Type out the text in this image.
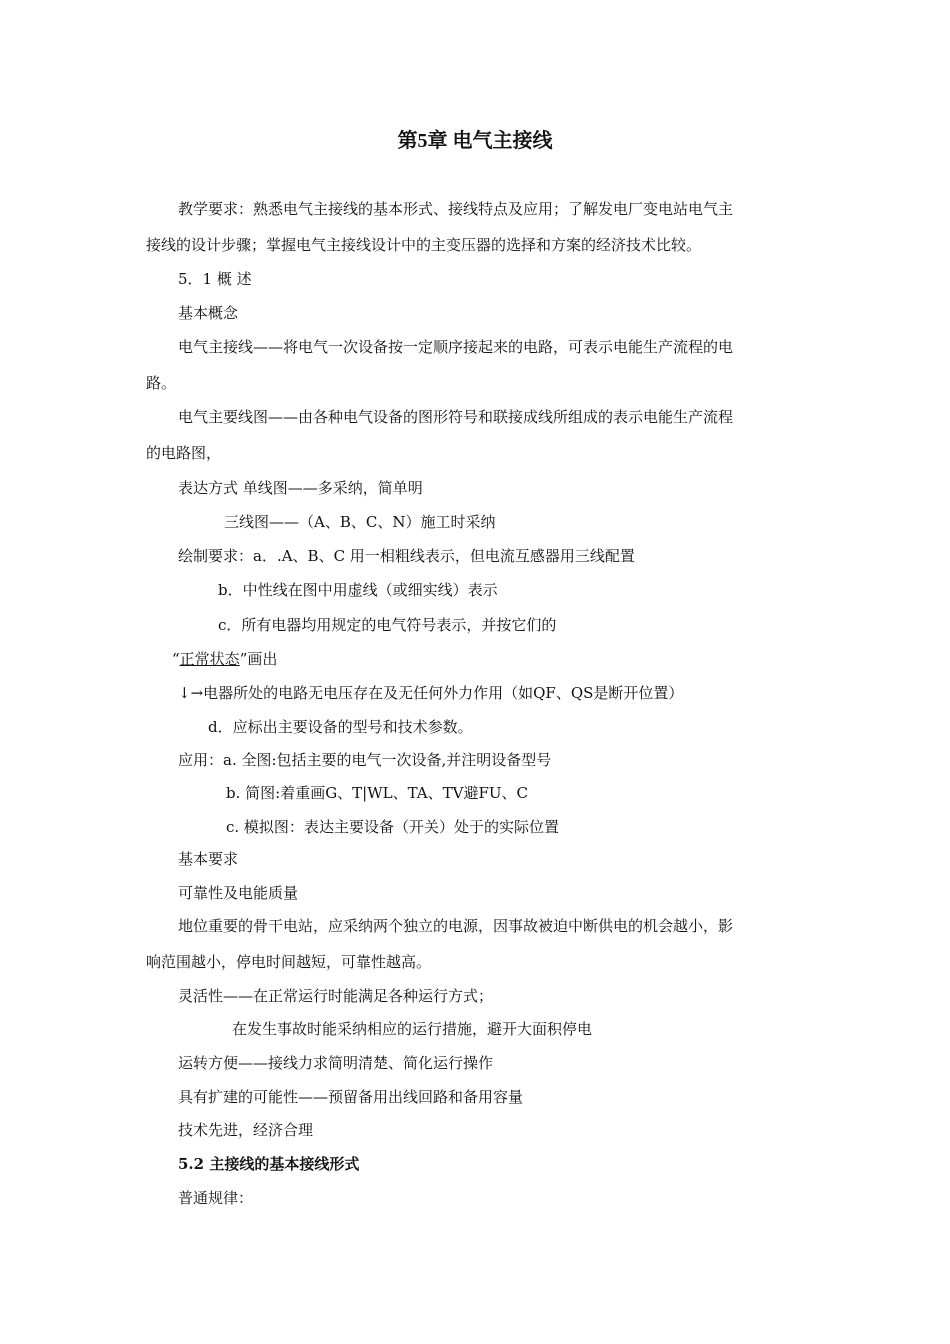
第5章 电气主接线

教学要求：熟悉电气主接线的基本形式、接线特点及应用；了解发电厂变电站电气主

接线的设计步骤；掌握电气主接线设计中的主变压器的选择和方案的经济技术比较。

5．1 概 述

基本概念

电气主接线——将电气一次设备按一定顺序接起来的电路，可表示电能生产流程的电

路。

电气主要线图——由各种电气设备的图形符号和联接成线所组成的表示电能生产流程

的电路图，

表达方式 单线图——多采纳，简单明

三线图——（A、B、C、N）施工时采纳

绘制要求：a．.A、B、C 用一相粗线表示，但电流互感器用三线配置

b．中性线在图中用虚线（或细实线）表示

c．所有电器均用规定的电气符号表示，并按它们的

“正常状态”画出

↓→电器所处的电路无电压存在及无任何外力作用（如QF、QS是断开位置）

d．应标出主要设备的型号和技术参数。

应用：a. 全图:包括主要的电气一次设备,并注明设备型号

b. 简图:着重画G、T|WL、TA、TV避FU、C

c. 模拟图：表达主要设备（开关）处于的实际位置

基本要求

可靠性及电能质量

地位重要的骨干电站，应采纳两个独立的电源，因事故被迫中断供电的机会越小，影

响范围越小，停电时间越短，可靠性越高。

灵活性——在正常运行时能满足各种运行方式；

在发生事故时能采纳相应的运行措施，避开大面积停电

运转方便——接线力求简明清楚、简化运行操作

具有扩建的可能性——预留备用出线回路和备用容量

技术先进，经济合理

5.2 主接线的基本接线形式

普通规律：
